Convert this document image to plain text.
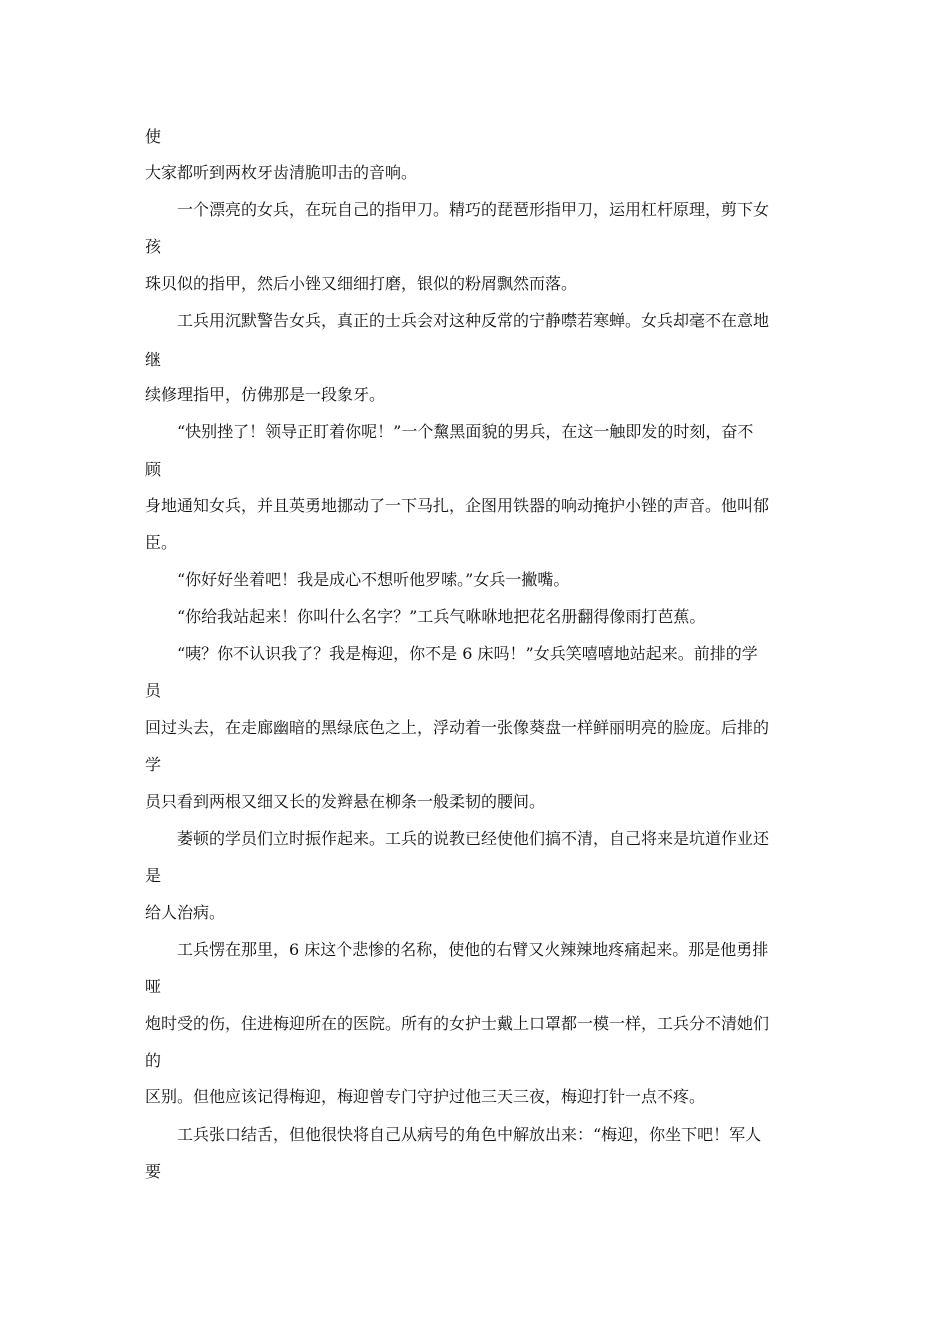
使

大家都听到两枚牙齿清脆叩击的音响。

一个漂亮的女兵，在玩自己的指甲刀。精巧的琵琶形指甲刀，运用杠杆原理，剪下女

孩

珠贝似的指甲，然后小锉又细细打磨，银似的粉屑飘然而落。

工兵用沉默警告女兵，真正的士兵会对这种反常的宁静噤若寒蝉。女兵却毫不在意地

继

续修理指甲，仿佛那是一段象牙。

“快别挫了！领导正盯着你呢！”一个黧黑面貌的男兵，在这一触即发的时刻，奋不

顾

身地通知女兵，并且英勇地挪动了一下马扎，企图用铁器的响动掩护小锉的声音。他叫郁

臣。

“你好好坐着吧！我是成心不想听他罗嗦。”女兵一撇嘴。

“你给我站起来！你叫什么名字？”工兵气咻咻地把花名册翻得像雨打芭蕉。

“咦？你不认识我了？我是梅迎，你不是 6 床吗！”女兵笑嘻嘻地站起来。前排的学

员

回过头去，在走廊幽暗的黑绿底色之上，浮动着一张像葵盘一样鲜丽明亮的脸庞。后排的

学

员只看到两根又细又长的发辫悬在柳条一般柔韧的腰间。

萎顿的学员们立时振作起来。工兵的说教已经使他们搞不清，自己将来是坑道作业还

是

给人治病。

工兵愣在那里，6 床这个悲惨的名称，使他的右臂又火辣辣地疼痛起来。那是他勇排

哑

炮时受的伤，住进梅迎所在的医院。所有的女护士戴上口罩都一模一样，工兵分不清她们

的

区别。但他应该记得梅迎，梅迎曾专门守护过他三天三夜，梅迎打针一点不疼。

工兵张口结舌，但他很快将自己从病号的角色中解放出来：“梅迎，你坐下吧！军人

要
